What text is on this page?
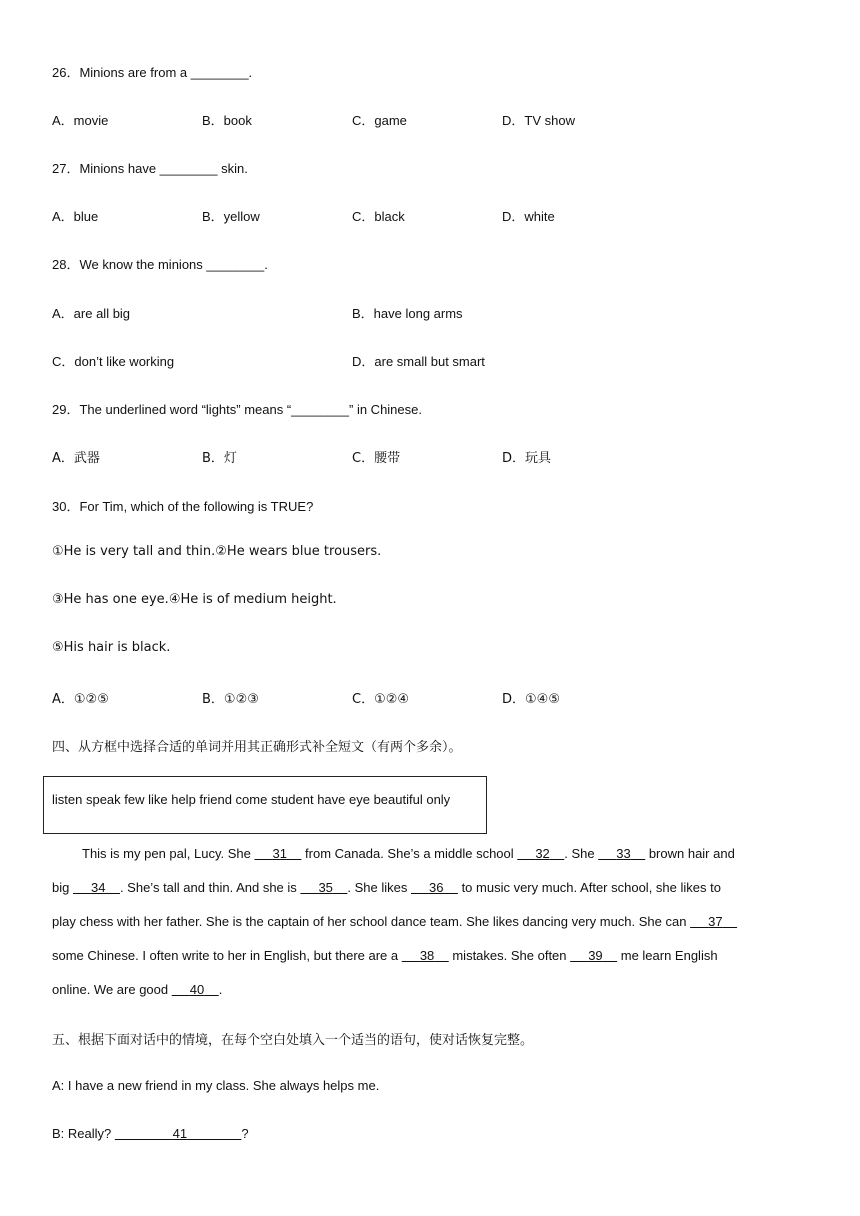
26．Minions are from a ________.
A．movie	B．book	C．game	D．TV show
27．Minions have ________ skin.
A．blue	B．yellow	C．black	D．white
28．We know the minions ________.
A．are all big	B．have long arms
C．don’t like working	D．are small but smart
29．The underlined word “lights” means “________” in Chinese.
A．武器	B．灯	C．腰带	D．玩具
30．For Tim, which of the following is TRUE?
①He is very tall and thin.②He wears blue trousers.
③He has one eye.④He is of medium height.
⑤His hair is black.
A．①②⑤	B．①②③	C．①②④	D．①④⑤
四、从方框中选择合适的单词并用其正确形式补全短文（有两个多余）。
listen speak few like help friend come student have eye beautiful only
This is my pen pal, Lucy. She      31     from Canada. She’s a middle school      32 . She      33     brown hair and
big      34 . She’s tall and thin. And she is      35 . She likes      36     to music very much. After school, she likes to
play chess with her father. She is the captain of her school dance team. She likes dancing very much. She can      37
some Chinese. I often write to her in English, but there are a      38     mistakes. She often      39     me learn English
online. We are good      40 .
五、根据下面对话中的情境，在每个空白处填入一个适当的语句，使对话恢复完整。
A: I have a new friend in my class. She always helps me.
B: Really?	41	?
